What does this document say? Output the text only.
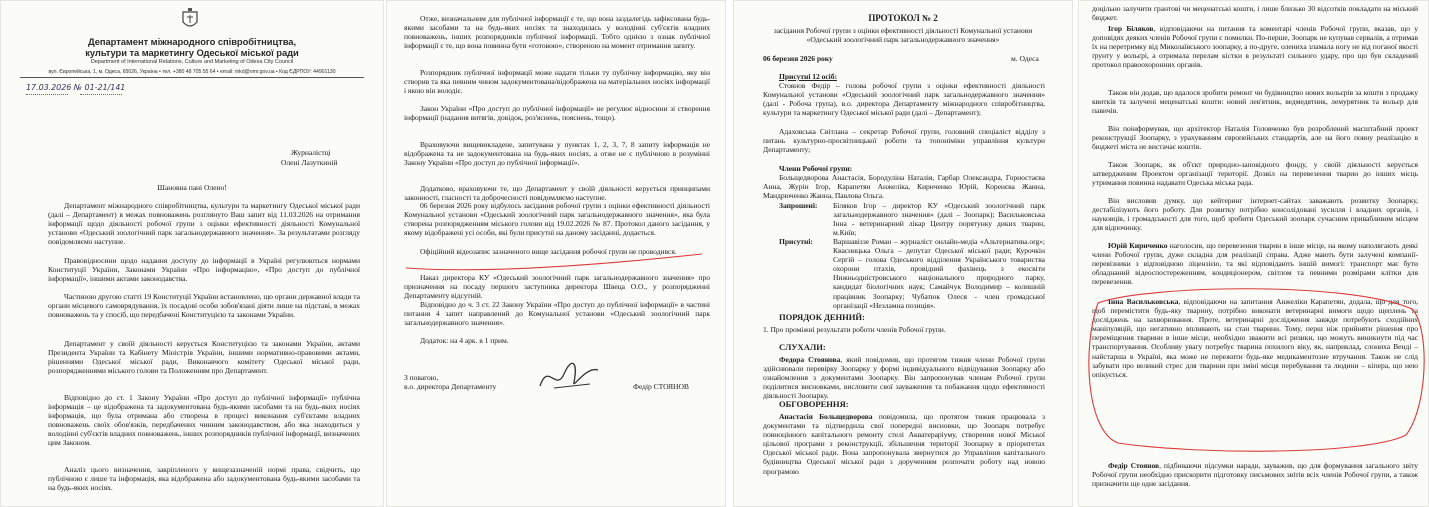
Департамент міжнародного співробітництва,
культури та маркетингу Одеської міської ради
Department of International Relations, Culture and Marketing of Odesa City Council
вул. Європейська, 1, м. Одеса, 65026, Україна • тел. +380 48 705 55 64 • email: mkd@omr.gov.ua • Код ЄДРПОУ: 44901130
17.03.2026 № 01-21/141
Журналістці
Олені Лазуткиній
Шановна пані Олено!
Департамент міжнародного співробітництва, культури та маркетингу Одеської міської ради (далі – Департамент) в межах повноважень розглянуто Ваш запит від 11.03.2026 на отримання інформації щодо діяльності робочої групи з оцінки ефективності діяльності Комунальної установи «Одеський зоологічний парк загальнодержавного значення». За результатами розгляду повідомляємо наступне.
Правовідносини щодо надання доступу до інформації в Україні регулюються нормами Конституції України, Законами України «Про інформацію», «Про доступ до публічної інформації», іншими актами законодавства.
Частиною другою статті 19 Конституції України встановлено, що органи державної влади та органи місцевого самоврядування, їх посадові особи зобов'язані діяти лише на підставі, в межах повноважень та у спосіб, що передбачені Конституцією та законами України.
Департамент у своїй діяльності керується Конституцією та законами України, актами Президента України та Кабінету Міністрів України, іншими нормативно-правовими актами, рішеннями Одеської міської ради, Виконавчого комітету Одеської міської ради, розпорядженнями міського голови та Положенням про Департамент.
Відповідно до ст. 1 Закону України «Про доступ до публічної інформації» публічна інформація – це відображена та задокументована будь-якими засобами та на будь-яких носіях інформація, що була отримана або створена в процесі виконання суб'єктами владних повноважень своїх обов'язків, передбачених чинним законодавством, або яка знаходиться у володінні суб'єктів владних повноважень, інших розпорядників публічної інформації, визначених цим Законом.
Аналіз цього визначення, закріпленого у вищезазначеній нормі права, свідчить, що публічною є лише та інформація, яка відображена або задокументована будь-якими засобами та на будь-яких носіях.
Отже, визначальним для публічної інформації є те, що вона заздалегідь зафіксована будь-якими засобами та на будь-яких носіях та знаходилась у володінні суб'єктів владних повноважень, інших розпорядників публічної інформації. Тобто однією з ознак публічної інформації є те, що вона повинна бути «готовою», створеною на момент отримання запиту.
Розпорядник публічної інформації може надати тільки ту публічну інформацію, яку він створив та яка певним чином задокументована/відображена на матеріальних носіях інформації і якою він володіє.
Закон України «Про доступ до публічної інформації» не регулює відносини зі створення інформації (надання витягів, довідок, роз'яснень, пояснень, тощо).
Враховуючи вищевикладене, запитувана у пунктах 1, 2, 3, 7, 8 запиту інформація не відображена та не задокументована на будь-яких носіях, а отже не є публічною в розумінні Закону України «Про доступ до публічної інформації».
Додатково, враховуючи те, що Департамент у своїй діяльності керується принципами законності, гласності та доброчесності повідомляємо наступне.
06 березня 2026 року відбулось засідання робочої групи з оцінки ефективності діяльності Комунальної установи «Одеський зоологічний парк загальнодержавного значення», яка була створена розпорядженням міського голови від 19.02.2026 № 87. Протокол даного засідання, у якому відображені усі особи, які були присутні на даному засіданні, додається.
Офіційний відеозапис зазначеного вище засідання робочої групи не проводився.
Наказ директора КУ «Одеський зоологічний парк загальнодержавного значення» про призначення на посаду першого заступника директора Швеца О.О., у розпорядженні Департаменту відсутній.
Відповідно до ч. 3 ст. 22 Закону України «Про доступ до публічної інформації» в частині питання 4 запит направлений до Комунальної установи «Одеський зоологічний парк загальнодержавного значення».
Додаток: на 4 арк. в 1 прим.
З повагою,
в.о. директора Департаменту	Федір СТОЯНОВ
ПРОТОКОЛ № 2
засідання Робочої групи з оцінки ефективності діяльності Комунальної установи «Одеський зоологічний парк загальнодержавного значення»
06 березня 2026 року	м. Одеса
Присутні 12 осіб:
Стоянов Федір – голова робочої групи з оцінки ефективності діяльності Комунальної установи «Одеський зоологічний парк загальнодержавного значення» (далі - Робоча група), в.о. директора Департаменту міжнародного співробітництва, культури та маркетингу Одеської міської ради (далі – Департамент);
Адаховська Світлана – секретар Робочої групи, головний спеціаліст відділу з питань культурно-просвітницької роботи та топоніміки управління культури Департаменту;
Члени Робочої групи:
Больщедворова Анастасія, Бородуліна Наталія, Гарбар Олександра, Горностаєва Анна, Журін Ігор, Карапетян Анжеліка, Кириченко Юрій, Коренєва Жанна, Мандрюченко Жанна, Павлова Ольга.
Запрошені: Біляков Ігор – директор КУ «Одеський зоологічний парк загальнодержавного значення» (далі – Зоопарк); Васильковська Інна - ветеринарний лікар Центру порятунку диких тварин, м.Київ;
Присутні:	Варшавіззе Роман – журналіст онлайн-медіа «Альтернатива.org»; Квасницька Ольга – депутат Одеської міської ради; Курочкін Сергій – голова Одеського відділення Українського товариства охорони птахів, провідний фахівець з екосвіти Нижньодністровського національного природного парку, кандидат біологічних наук; Самайчук Володимир – колишній працівник Зоопарку; Чубатюк Олеся - член громадської організації «Незламна позиція».
ПОРЯДОК ДЕННИЙ:
1. Про проміжні результати роботи членів Робочої групи.
СЛУХАЛИ:
Федора Стоянова, який повідомив, що протягом тижня члени Робочої групи здійснювали перевірку Зоопарку у формі індивідуального відвідування Зоопарку або ознайомлення з документами Зоопарку. Він запропонував членам Робочої групи поділитися висновками, висловити свої зауваження та побажання щодо ефективності діяльності Зоопарку.
ОБГОВОРЕННЯ:
Анастасія Больщедворова повідомила, що протягом тижня працювала з документами та підтвердила свої попередні висновки, що Зоопарк потребує повноцінного капітального ремонту стелі Акватераріуму, створення нової Міської цільової програми з реконструкції, збільшення території Зоопарку в пріоритетах Одеської міської ради. Вона запропонувала звернутися до Управління капітального будівництва Одеської міської ради з дорученням розпочати роботу над новою програмою
доцільно залучити грантові чи меценатські кошти, і лише близько 30 відсотків покладати на міський бюджет.
Ігор Біляков, відповідаючи на питання та коментарі членів Робочої групи, вказав, що у доповідях деяких членів Робочої групи є помилки. По-перше, Зоопарк не купував сервалів, а отримав їх на перетримку від Миколаївського зоопарку, а по-друге, олениха зламала ногу не від поганої якості ґрунту у вольєрі, а отримала перелам кістки в результаті сильного удару, про що був складений протокол правоохоронних органів.
Також він додав, що вдалося зробити ремонт чи будівництво нових вольєрів за кошти з продажу квитків та залучені меценатські кошти: новий лев'ятник, ведмедятник, лемурятник та вольєр для павичів.
Він поінформував, що архітектор Наталія Головченко був розроблений масштабний проект реконструкції Зоопарку, з урахуванням європейських стандартів, але на його повну реалізацію в бюджеті міста не вистачає коштів.
Також Зоопарк, як об'єкт природно-заповідного фонду, у своїй діяльності керується затвердженим Проектом організації території. Дозвіл на перевезення тварин до інших місць утримання повинна надавати Одеська міська рада.
Він висловив думку, що кейтеринг інтернет-сайтах заважають розвитку Зоопарку, дестабілізують його роботу. Для розвитку потрібно консолідовані зусилля і владних органів, і науковців, і громадськості для того, щоб зробити Одеський зоопарк сучасним привабливим місцем для відпочинку.
Юрій Кириченко наголосив, що перевезення тварин в інше місце, на якому наполягають деякі члени Робочої групи, дуже складна для реалізації справа. Адже мають бути залучені компанії-перевізники з відповідною ліцензією, та які відповідають іншій вимогі: транспорт має бути обладнаний відеоспостереженням, кондиціонером, світлом та певними розмірами клітки для перевезення.
Інна Васильковська, відповідаючи на запитання Анжеліки Карапетян, додала, що для того, щоб перемістити будь-яку тварину, потрібно виконати ветеринарні вимоги щодо щеплень та досліджень на захворювання. Проте, ветеринарні дослідження завжди потребують сходійних маніпуляцій, що негативно впливають на стан тварини. Тому, перш ніж прийняти рішення про переміщення тварини в інше місце, необхідно зважити всі ризики, що можуть виникнути під час транспортування. Особливу увагу потребує тварина похилого віку, як, наприклад, слониха Венді – найстарша в Україні, яка може не пережити будь-яке медикаментозне втручання. Також не слід забувати про великий стрес для тварини при зміні місця перебування та людини – кіпера, що нею опікується.
Федір Стоянов, підбиваючи підсумки наради, зауважив, що для формування загального звіту Робочої групи необхідно прискорити підготовку письмових звітів всіх членів Робочої групи, а також призначити ще одне засідання.
